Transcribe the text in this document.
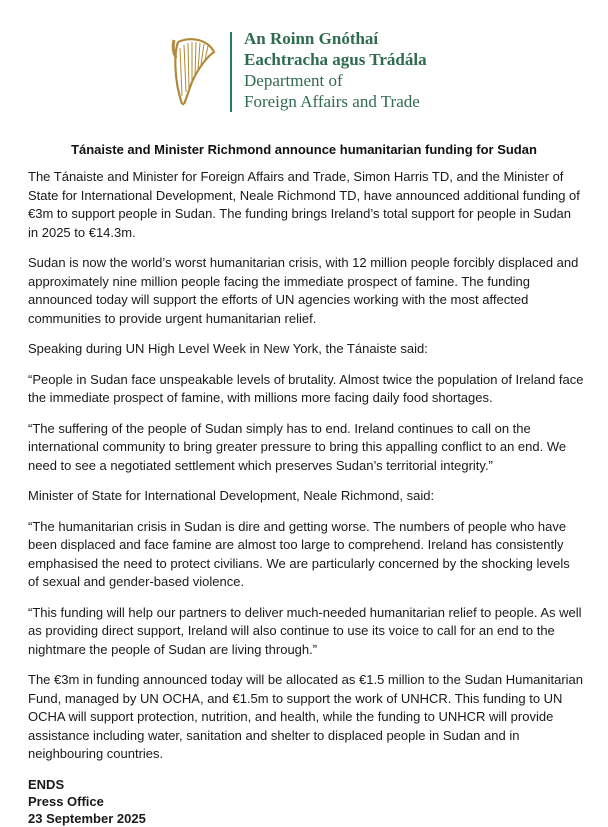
An Roinn Gnóthaí
Eachtracha agus Trádála
Department of
Foreign Affairs and Trade
Tánaiste and Minister Richmond announce humanitarian funding for Sudan

The Tánaiste and Minister for Foreign Affairs and Trade, Simon Harris TD, and the Minister of State for International Development, Neale Richmond TD, have announced additional funding of €3m to support people in Sudan. The funding brings Ireland’s total support for people in Sudan in 2025 to €14.3m.

Sudan is now the world’s worst humanitarian crisis, with 12 million people forcibly displaced and approximately nine million people facing the immediate prospect of famine. The funding announced today will support the efforts of UN agencies working with the most affected communities to provide urgent humanitarian relief.

Speaking during UN High Level Week in New York, the Tánaiste said:

“People in Sudan face unspeakable levels of brutality. Almost twice the population of Ireland face the immediate prospect of famine, with millions more facing daily food shortages.

“The suffering of the people of Sudan simply has to end. Ireland continues to call on the international community to bring greater pressure to bring this appalling conflict to an end. We need to see a negotiated settlement which preserves Sudan’s territorial integrity.”

Minister of State for International Development, Neale Richmond, said:

“The humanitarian crisis in Sudan is dire and getting worse. The numbers of people who have been displaced and face famine are almost too large to comprehend. Ireland has consistently emphasised the need to protect civilians. We are particularly concerned by the shocking levels of sexual and gender-based violence.

“This funding will help our partners to deliver much-needed humanitarian relief to people. As well as providing direct support, Ireland will also continue to use its voice to call for an end to the nightmare the people of Sudan are living through.”

The €3m in funding announced today will be allocated as €1.5 million to the Sudan Humanitarian Fund, managed by UN OCHA, and €1.5m to support the work of UNHCR. This funding to UN OCHA will support protection, nutrition, and health, while the funding to UNHCR will provide assistance including water, sanitation and shelter to displaced people in Sudan and in neighbouring countries.

ENDS
Press Office
23 September 2025
